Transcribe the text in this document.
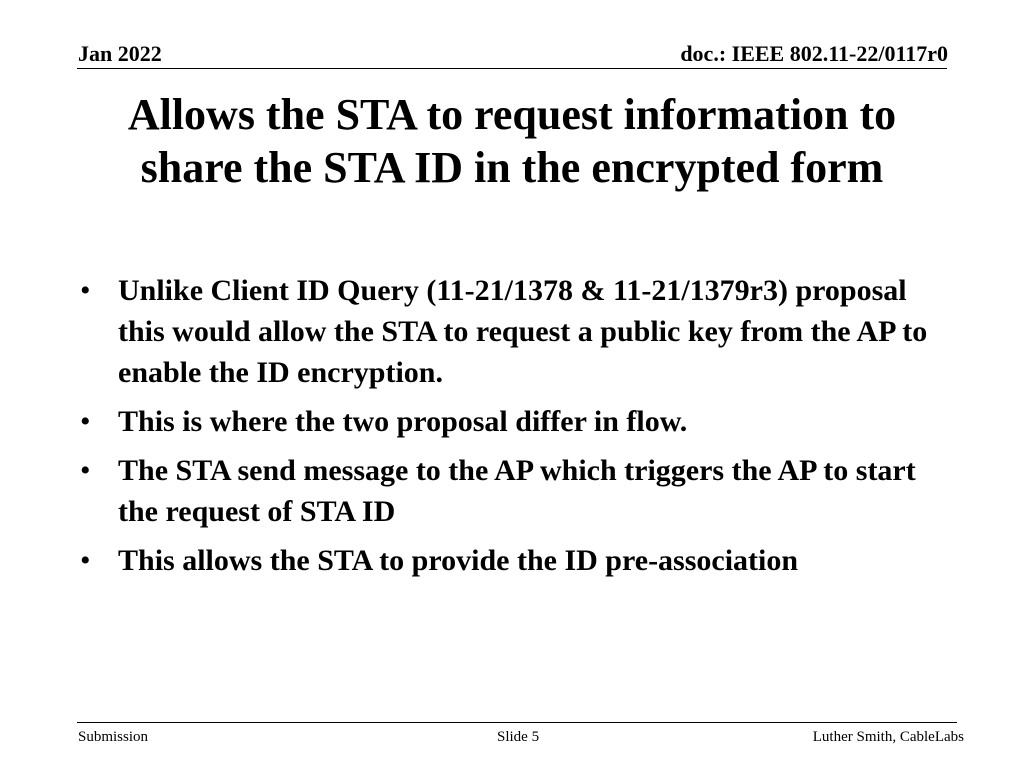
Jan 2022	doc.: IEEE 802.11-22/0117r0
Allows the STA to request information to
share the STA ID in the encrypted form
• Unlike Client ID Query (11-21/1378 & 11-21/1379r3) proposal this would allow the STA to request a public key from the AP to enable the ID encryption.
• This is where the two proposal differ in flow.
• The STA send message to the AP which triggers the AP to start the request of STA ID
• This allows the STA to provide the ID pre-association
Submission	Slide 5	Luther Smith, CableLabs
